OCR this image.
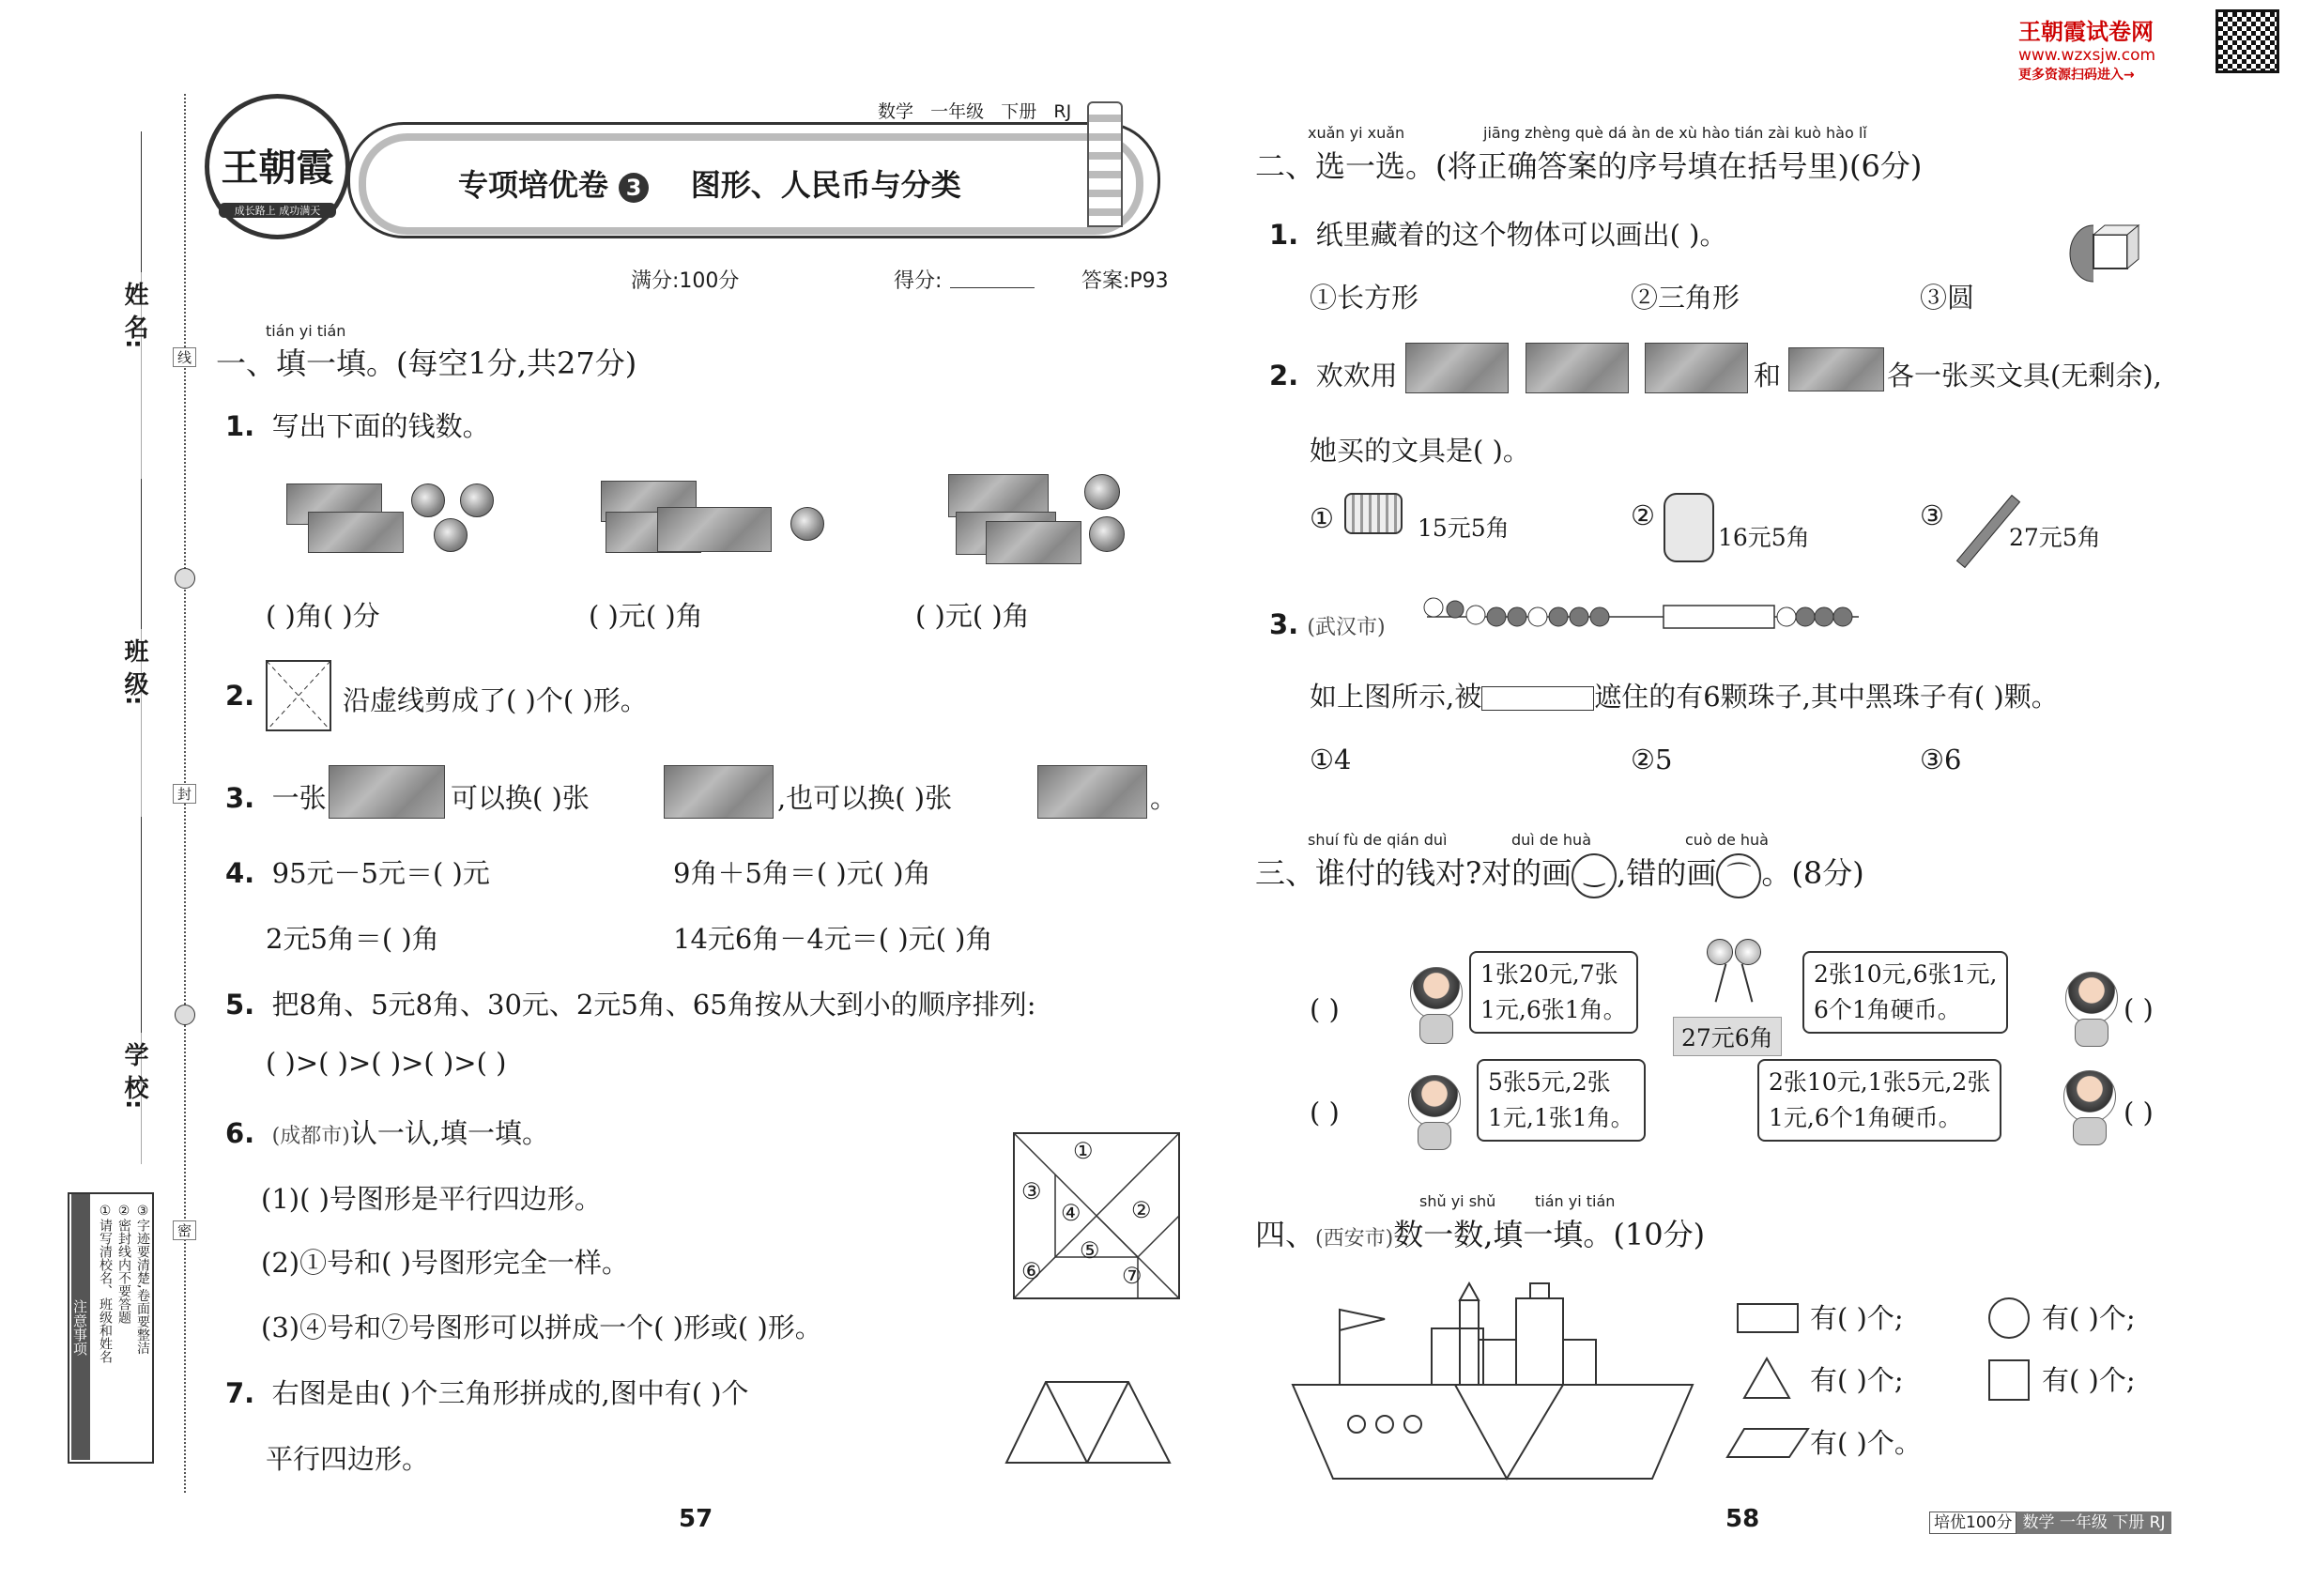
王朝霞试卷网
www.wzxsjw.com
更多资源扫码进入→
姓 名:
班 级:
学 校:
线
封
密
注意事项 ①请写清校名、班级和姓名 ②密封线内不要答题 ③字迹要清楚,卷面要整洁
王朝霞
成长路上 成功满天
数学 一年级 下册 RJ
专项培优卷 3 图形、人民币与分类
满分:100分	得分:	答案:P93
tián yi tián
一、填一填。(每空1分,共27分)
1. 写出下面的钱数。
( )角( )分	( )元( )角	( )元( )角
2.	沿虚线剪成了( )个( )形。
3. 一张	可以换( )张	,也可以换( )张	。
4. 95元－5元＝( )元	9角＋5角＝( )元( )角
2元5角＝( )角	14元6角－4元＝( )元( )角
5. 把8角、5元8角、30元、2元5角、65角按从大到小的顺序排列:
( )>( )>( )>( )>( )
6. (成都市)认一认,填一填。
(1)( )号图形是平行四边形。
(2)①号和( )号图形完全一样。
(3)④号和⑦号图形可以拼成一个( )形或( )形。
①
②
③
④
⑤
⑥	⑦
7. 右图是由( )个三角形拼成的,图中有( )个
平行四边形。
57
xuǎn yi xuǎn	jiāng zhèng què dá àn de xù hào tián zài kuò hào lǐ
二、选一选。(将正确答案的序号填在括号里)(6分)
1. 纸里藏着的这个物体可以画出( )。
①长方形	②三角形	③圆
2. 欢欢用	和	各一张买文具(无剩余),
她买的文具是( )。
①	15元5角	②
16元5角
③
27元5角
3. (武汉市)
如上图所示,被	遮住的有6颗珠子,其中黑珠子有( )颗。
①4	②5	③6
shuí fù de qián duì	duì de huà	cuò de huà
三、谁付的钱对?对的画 ‿ ,错的画 ⌒ 。(8分)
27元6角
( )
1张20元,7张
1元,6张1角。
2张10元,6张1元,
6个1角硬币。	( )
( )
5张5元,2张
1元,1张1角。
2张10元,1张5元,2张
1元,6个1角硬币。	( )
shǔ yi shǔ	tián yi tián
四、(西安市)数一数,填一填。(10分)
有( )个;	有( )个;
有( )个;	有( )个;
有( )个。
58	培优100分 数学 一年级 下册 RJ
